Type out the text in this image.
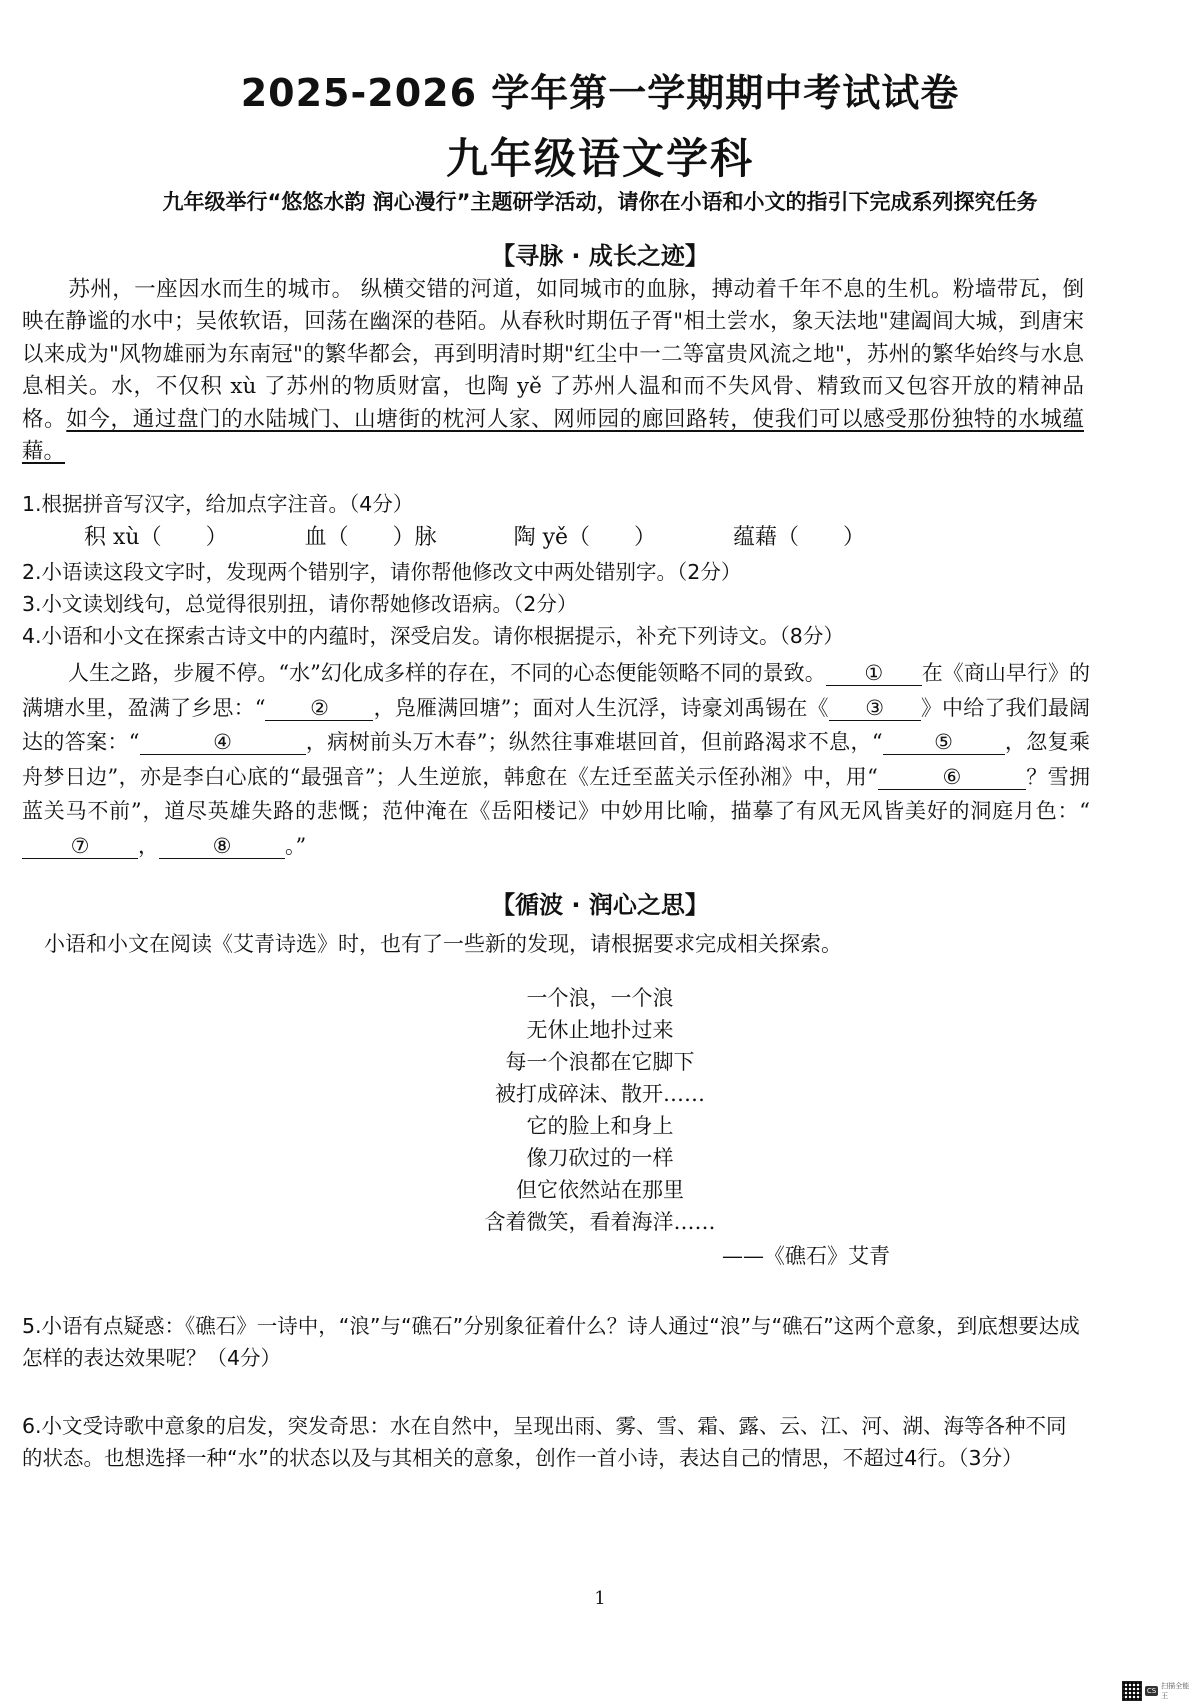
2025-2026 学年第一学期期中考试试卷
九年级语文学科
九年级举行“悠悠水韵 润心漫行”主题研学活动，请你在小语和小文的指引下完成系列探究任务
【寻脉 · 成长之迹】
苏州，一座因水而生的城市。 纵横交错的河道，如同城市的血脉，搏动着千年不息的生机。粉墙带瓦，倒映在静谧的水中；吴侬软语，回荡在幽深的巷陌。从春秋时期伍子胥"相土尝水，象天法地"建阖闾大城，到唐宋以来成为"风物雄丽为东南冠"的繁华都会，再到明清时期"红尘中一二等富贵风流之地"，苏州的繁华始终与水息息相关。水，不仅积 xù 了苏州的物质财富，也陶 yě 了苏州人温和而不失风骨、精致而又包容开放的精神品格。如今，通过盘门的水陆城门、山塘街的枕河人家、网师园的廊回路转，使我们可以感受那份独特的水城蕴藉。
1.根据拼音写汉字，给加点字注音。（4分）
积 xù（　　）	血（　　）脉	陶 yě（　　）	蕴藉（　　）
2.小语读这段文字时，发现两个错别字，请你帮他修改文中两处错别字。（2分）
3.小文读划线句，总觉得很别扭，请你帮她修改语病。（2分）
4.小语和小文在探索古诗文中的内蕴时，深受启发。请你根据提示，补充下列诗文。（8分）
人生之路，步履不停。“水”幻化成多样的存在，不同的心态便能领略不同的景致。 ① 在《商山早行》的满塘水里，盈满了乡思：“ ② ，凫雁满回塘”；面对人生沉浮，诗豪刘禹锡在《 ③ 》中给了我们最阔达的答案：“	④	，病树前头万木春”；纵然往事难堪回首，但前路渴求不息，“ ⑤ ，忽复乘舟梦日边”，亦是李白心底的“最强音”；人生逆旅，韩愈在《左迁至蓝关示侄孙湘》中，用“	⑥	？雪拥蓝关马不前”，道尽英雄失路的悲慨；范仲淹在《岳阳楼记》中妙用比喻，描摹了有风无风皆美好的洞庭月色：“⑦ ，	⑧	。”
【循波 · 润心之思】
小语和小文在阅读《艾青诗选》时，也有了一些新的发现，请根据要求完成相关探索。
一个浪，一个浪
无休止地扑过来
每一个浪都在它脚下
被打成碎沫、散开……
它的脸上和身上
像刀砍过的一样
但它依然站在那里
含着微笑，看着海洋……
——《礁石》艾青
5.小语有点疑惑：《礁石》一诗中，“浪”与“礁石”分别象征着什么？诗人通过“浪”与“礁石”这两个意象，到底想要达成怎样的表达效果呢？（4分）
6.小文受诗歌中意象的启发，突发奇思：水在自然中，呈现出雨、雾、雪、霜、露、云、江、河、湖、海等各种不同的状态。也想选择一种“水”的状态以及与其相关的意象，创作一首小诗，表达自己的情思，不超过4行。（3分）
1
CS
扫描全能王
